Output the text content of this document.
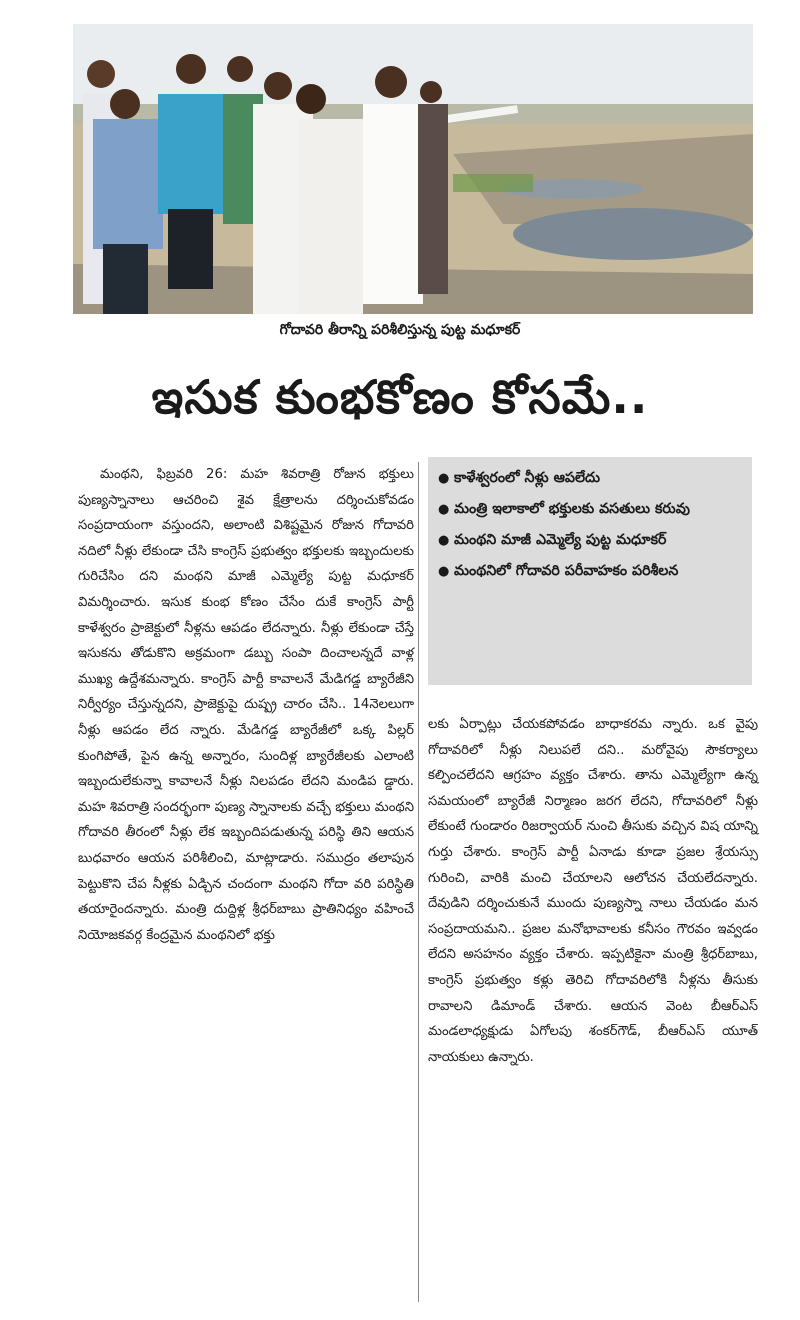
గోదావరి తీరాన్ని పరిశీలిస్తున్న పుట్ట మధూకర్
ఇసుక కుంభకోణం కోసమే..

మంథని, ఫిబ్రవరి 26: మహ శివరాత్రి రోజున భక్తులు పుణ్యస్నానాలు ఆచరించి శైవ క్షేత్రాలను దర్శించుకోవడం సంప్రదాయంగా వస్తుందని, అలాంటి విశిష్టమైన రోజున గోదావరి నదిలో నీళ్లు లేకుండా చేసి కాంగ్రెస్ ప్రభుత్వం భక్తులకు ఇబ్బందులకు గురిచేసిం దని మంథని మాజీ ఎమ్మెల్యే పుట్ట మధూకర్ విమర్శించారు. ఇసుక కుంభ కోణం చేసేం దుకే కాంగ్రెస్ పార్టీ కాళేశ్వరం ప్రాజెక్టులో నీళ్లను ఆపడం లేదన్నారు. నీళ్లు లేకుండా చేస్తే ఇసుకను తోడుకొని అక్రమంగా డబ్బు సంపా దించాలన్నదే వాళ్ల ముఖ్య ఉద్దేశమన్నారు. కాంగ్రెస్ పార్టీ కావాలనే మేడిగడ్డ బ్యారేజీని నిర్వీర్యం చేస్తున్నదని, ప్రాజెక్టుపై దుష్ప్ర చారం చేసి.. 14నెలలుగా నీళ్లు ఆపడం లేద న్నారు. మేడిగడ్డ బ్యారేజీలో ఒక్క పిల్లర్ కుంగిపోతే, పైన ఉన్న అన్నారం, సుందిళ్ల బ్యారేజీలకు ఎలాంటి ఇబ్బందులేకున్నా కావాలనే నీళ్లు నిలపడం లేదని మండిప డ్డారు. మహ శివరాత్రి సందర్భంగా పుణ్య స్నానాలకు వచ్చే భక్తులు మంథని గోదావరి తీరంలో నీళ్లు లేక ఇబ్బందిపడుతున్న పరిస్థి తిని ఆయన బుధవారం ఆయన పరిశీలించి, మాట్లాడారు. సముద్రం తలాపున పెట్టుకొని చేప నీళ్లకు ఏడ్చిన చందంగా మంథని గోదా వరి పరిస్థితి తయారైందన్నారు. మంత్రి దుద్దిళ్ల శ్రీధర్‌బాబు ప్రాతినిధ్యం వహించే నియోజకవర్గ కేంద్రమైన మంథనిలో భక్తు

●
కాళేశ్వరంలో నీళ్లు ఆపలేదు
●
మంత్రి ఇలాకాలో భక్తులకు వసతులు కరువు
●
మంథని మాజీ ఎమ్మెల్యే పుట్ట మధూకర్
●
మంథనిలో గోదావరి పరీవాహకం పరిశీలన

లకు ఏర్పాట్లు చేయకపోవడం బాధాకరమ న్నారు. ఒక వైపు గోదావరిలో నీళ్లు నిలుపలే దని.. మరోవైపు సౌకర్యాలు కల్పించలేదని ఆగ్రహం వ్యక్తం చేశారు. తాను ఎమ్మెల్యేగా ఉన్న సమయంలో బ్యారేజీ నిర్మాణం జరగ లేదని, గోదావరిలో నీళ్లు లేకుంటే గుండారం రిజర్వాయర్ నుంచి తీసుకు వచ్చిన విష యాన్ని గుర్తు చేశారు. కాంగ్రెస్ పార్టీ ఏనాడు కూడా ప్రజల శ్రేయస్సు గురించి, వారికి మంచి చేయాలని ఆలోచన చేయలేదన్నారు. దేవుడిని దర్శించుకునే ముందు పుణ్యస్నా నాలు చేయడం మన సంప్రదాయమని.. ప్రజల మనోభావాలకు కనీసం గౌరవం ఇవ్వడం లేదని అసహనం వ్యక్తం చేశారు. ఇప్పటికైనా మంత్రి శ్రీధర్‌బాబు, కాంగ్రెస్ ప్రభుత్వం కళ్లు తెరిచి గోదావరిలోకి నీళ్లను తీసుకు రావాలని డిమాండ్ చేశారు. ఆయన వెంట బీఆర్‌ఎస్ మండలాధ్యక్షుడు ఏగోలపు శంకర్‌గౌడ్, బీఆర్‌ఎస్ యూత్ నాయకులు ఉన్నారు.
